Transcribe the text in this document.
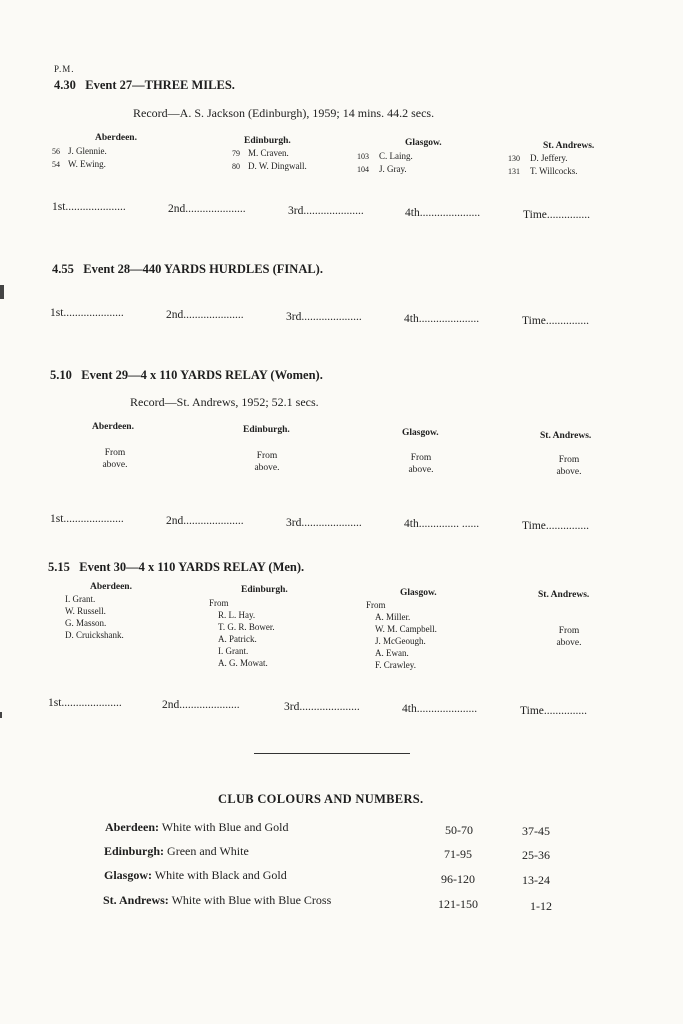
P.M.
4.30 Event 27—THREE MILES.
Record—A. S. Jackson (Edinburgh), 1959; 14 mins. 44.2 secs.
Aberdeen.
56 J. Glennie.
54 W. Ewing.
Edinburgh.
79 M. Craven.
80 D. W. Dingwall.
Glasgow.
103 C. Laing.
104 J. Gray.
St. Andrews.
130 D. Jeffery.
131 T. Willcocks.
1st.....................	2nd.....................	3rd.....................	4th.....................	Time...............
4.55 Event 28—440 YARDS HURDLES (FINAL).
1st.....................	2nd.....................	3rd.....................	4th.....................	Time...............
5.10 Event 29—4 x 110 YARDS RELAY (Women).
Record—St. Andrews, 1952; 52.1 secs.
Aberdeen.
From
above.
Edinburgh.
From
above.
Glasgow.
From
above.
St. Andrews.
From
above.
1st.....................	2nd.....................	3rd.....................	4th.............. ......	Time...............
5.15 Event 30—4 x 110 YARDS RELAY (Men).
Aberdeen.
I. Grant.
W. Russell.
G. Masson.
D. Cruickshank.
Edinburgh.
From
R. L. Hay.
T. G. R. Bower.
A. Patrick.
I. Grant.
A. G. Mowat.
Glasgow.
From
A. Miller.
W. M. Campbell.
J. McGeough.
A. Ewan.
F. Crawley.
St. Andrews.
From
above.
1st.....................	2nd.....................	3rd.....................	4th.....................	Time...............
CLUB COLOURS AND NUMBERS.
Aberdeen: White with Blue and Gold	50-70	37-45
Edinburgh: Green and White	71-95	25-36
Glasgow: White with Black and Gold	96-120	13-24
St. Andrews: White with Blue with Blue Cross	121-150	1-12
